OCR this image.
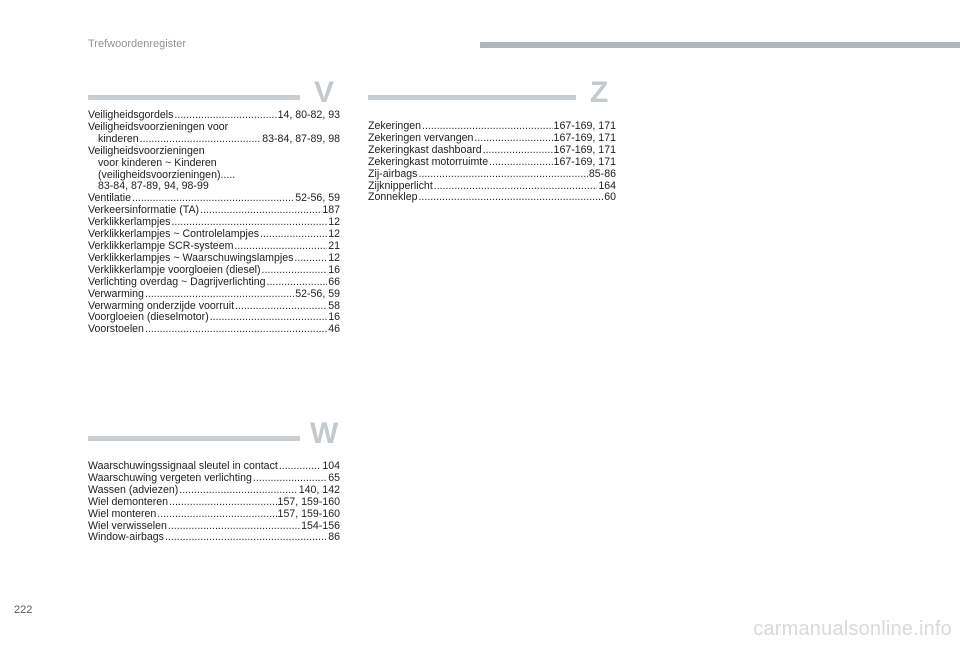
Trefwoordenregister
V
Veiligheidsgordels .....	14, 80-82, 93
Veiligheidsvoorzieningen voor
kinderen .....	83-84, 87-89, 98
Veiligheidsvoorzieningen
voor kinderen ~ Kinderen
(veiligheidsvoorzieningen).....
83-84, 87-89, 94, 98-99
Ventilatie .....	52-56, 59
Verkeersinformatie (TA) .....	187
Verklikkerlampjes .....	12
Verklikkerlampjes ~ Controlelampjes .....	12
Verklikkerlampje SCR-systeem .....	21
Verklikkerlampjes ~ Waarschuwingslampjes .....	12
Verklikkerlampje voorgloeien (diesel) .....	16
Verlichting overdag ~ Dagrijverlichting .....	66
Verwarming .....	52-56, 59
Verwarming onderzijde voorruit .....	58
Voorgloeien (dieselmotor) .....	16
Voorstoelen .....	46
W
Waarschuwingssignaal sleutel in contact .....	104
Waarschuwing vergeten verlichting .....	65
Wassen (adviezen) .....	140, 142
Wiel demonteren .....	157, 159-160
Wiel monteren .....	157, 159-160
Wiel verwisselen .....	154-156
Window-airbags .....	86
Z
Zekeringen .....	167-169, 171
Zekeringen vervangen .....	167-169, 171
Zekeringkast dashboard .....	167-169, 171
Zekeringkast motorruimte .....	167-169, 171
Zij-airbags .....	85-86
Zijknipperlicht .....	164
Zonneklep .....	60
222
carmanualsonline.info
